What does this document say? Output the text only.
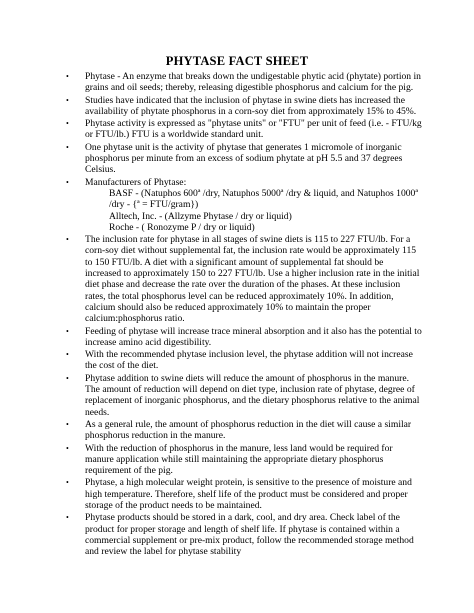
PHYTASE FACT SHEET
• Phytase - An enzyme that breaks down the undigestable phytic acid (phytate) portion in grains and oil seeds; thereby, releasing digestible phosphorus and calcium for the pig.
• Studies have indicated that the inclusion of phytase in swine diets has increased the availability of phytate phosphorus in a corn-soy diet from approximately 15% to 45%.
• Phytase activity is expressed as "phytase units" or "FTU" per unit of feed (i.e. - FTU/kg or FTU/lb.) FTU is a worldwide standard unit.
• One phytase unit is the activity of phytase that generates 1 micromole of inorganic phosphorus per minute from an excess of sodium phytate at pH 5.5 and 37 degrees Celsius.
• Manufacturers of Phytase:
BASF - (Natuphos 600ª /dry, Natuphos 5000ª /dry & liquid, and Natuphos 1000ª /dry - {ª = FTU/gram})
Alltech, Inc. - (Allzyme Phytase / dry or liquid)
Roche - ( Ronozyme P / dry or liquid)
• The inclusion rate for phytase in all stages of swine diets is 115 to 227 FTU/lb. For a corn-soy diet without supplemental fat, the inclusion rate would be approximately 115 to 150 FTU/lb. A diet with a significant amount of supplemental fat should be increased to approximately 150 to 227 FTU/lb. Use a higher inclusion rate in the initial diet phase and decrease the rate over the duration of the phases. At these inclusion rates, the total phosphorus level can be reduced approximately 10%. In addition, calcium should also be reduced approximately 10% to maintain the proper calcium:phosphorus ratio.
• Feeding of phytase will increase trace mineral absorption and it also has the potential to increase amino acid digestibility.
• With the recommended phytase inclusion level, the phytase addition will not increase the cost of the diet.
• Phytase addition to swine diets will reduce the amount of phosphorus in the manure. The amount of reduction will depend on diet type, inclusion rate of phytase, degree of replacement of inorganic phosphorus, and the dietary phosphorus relative to the animal needs.
• As a general rule, the amount of phosphorus reduction in the diet will cause a similar phosphorus reduction in the manure.
• With the reduction of phosphorus in the manure, less land would be required for manure application while still maintaining the appropriate dietary phosphorus requirement of the pig.
• Phytase, a high molecular weight protein, is sensitive to the presence of moisture and high temperature. Therefore, shelf life of the product must be considered and proper storage of the product needs to be maintained.
• Phytase products should be stored in a dark, cool, and dry area. Check label of the product for proper storage and length of shelf life. If phytase is contained within a commercial supplement or pre-mix product, follow the recommended storage method and review the label for phytase stability
